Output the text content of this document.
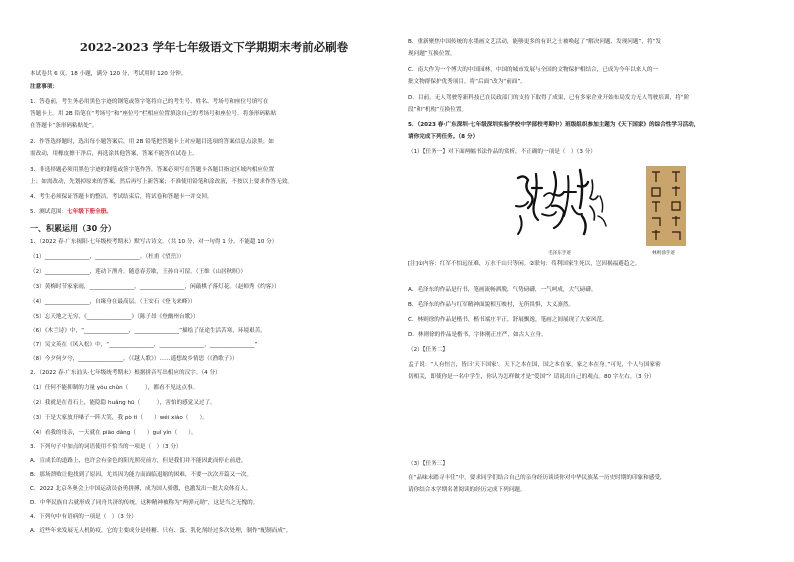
2022-2023 学年七年级语文下学期期末考前必刷卷
本试卷共 6 页，18 小题，满分 120 分，考试用时 120 分钟。
注意事项：
1．答卷前，考生务必用黑色字迹的钢笔或签字笔将自己的考生号、姓名、考场号和座位号填写在
答题卡上。用 2B 铅笔在“考场号”和“座位号”栏相应位置填涂自己的考场号和座位号。将条形码粘贴
在答题卡“条形码粘贴处”。
2．作答选择题时，选出每小题答案后，用 2B 铅笔把答题卡上对应题目选项的答案信息点涂黑；如
需改动，用橡皮擦干净后，再选涂其他答案，答案不能答在试卷上。
3．非选择题必须用黑色字迹的钢笔或签字笔作答，答案必须写在答题卡各题目指定区域内相应位置
上；如需改动，先划掉原来的答案，然后再写上新答案；不准使用铅笔和涂改液，不按以上要求作答无效。
4．考生必须保证答题卡的整洁。考试结束后，将试卷和答题卡一并交回。
5．测试范围：七年级下册全册。
一、积累运用（30 分）
1．（2022 春·广东揭阳·七年级校考期末）默写古诗文。（共 10 分，对一句得 1 分，不能超 10 分）
（1）________________，________________。（杜甫《望岳》）
（2）________________，莲动下渔舟。随意春芳歇，王孙自可留。（王维《山居秋暝》）
（3）黄梅时节家家雨，________________。________________，闲敲棋子落灯花。（赵师秀《约客》）
（4）________________，自缘身在最高层。（王安石《登飞来峰》）
（5）忘天地之无穷，《________________》（陈子昂《登幽州台歌》）
（6）《木兰诗》中，“________________，________________”描绘了征途生活苦寒，环境艰苦。
（7）吴文英在《风入松》中，“________________，________________，________________”
（8）今夕何夕兮，________________。（《越人歌》）……遥想故乡情思（《渔歌子》）
2．（2022 春·广东汕头·七年级统考期末）根据拼音写出相应的汉字。（4 分）
（1）任何不能抑制的力量 yǒu chǔn（　　　），都看不见这点事。
（2）我就是在青石上，能隐隐 huǎng hū（　　　），害怕的感觉又过了。
（3）于是大家放开嗓子一阵大笑，我 pò tì（　　）wéi xiào（　　）。
（4）看我的母亲，一天就在 piāo dàng（　　）guǐ yín（　　）。
3．下列句子中加点的词语使用不恰当的一项是（　）（3 分）
A．宣成长的道路上，也许会有金色的阳光照亮前方，但是我们并不能因此而停止前进。
B．那场溃败让他找到了原因，尤其因为能力而面临退缩的困难，不要一次次开篇又一次。
C．2022 北京冬奥会上中国运动员奋勇拼搏，成为国人骄傲，也激发出一批大众体育人。
D．中华民族自古就形成了同舟共济的传统，这种精神被称为“两弹元勋”，这是当之无愧的。
4．下列句中有语病的一项是（　）（3 分）
A．近些年来发展无人机防疫，它的主要成分是桂糖、只有、蛋、乳化剂经过多次处理，制作“配制而成”。
B．重新聚焦中国传统的水墨画文艺活动，能够更多的有识之士被唤起了“解决问题、发现问题”，将“发
现问题”互换位置。
C．南大作为一个博大的中国园林，中国的城市发展与全国的文物保护相结合，已成为今年以来人的一
批文物群保护优秀项目，将“后面”改为“前面”。
D．目前，无人驾驶等新科技已在民政部门的支持下取得了成果，已有多家企业开始布局发力无人驾驶培训，将“阶
段”和“机构”互换位置。
5．（2023 春·广东深圳·七年级深圳实验学校中学部校考期中）班级组织参加主题为《天下国家》的综合性学习活动，
请你完成下列任务。（8 分）
（1）【任务一】对下面两幅书法作品的赏析，不正确的一项是（　）（3 分）
毛泽东手迹	林则徐手迹
[注]①内容：红军不怕远征难，万水千山只等闲。②联句：苟利国家生死以，岂因祸福避趋之。
A．毛泽东的作品是行书，笔画流畅洒脱，气势磅礴，一气呵成，大气磅礴。
B．毛泽东的作品与红军精神面貌相互映衬，无所畏惧，大义凛然。
C．林则徐的作品是楷书，楷书端庄平正，舒展飘逸，笔画之间展现了大家风范。
D．林则徐的作品是楷书，字体刚正庄严，如古人立身。
（2）【任务二】
孟子说：“人有恒言，皆曰‘天下国家’。天下之本在国，国之本在家，家之本在身。”可见，个人与国家密
切相关，即使你是一名中学生，你认为怎样做才是“爱国”？请说出自己的观点。80 字左右。（3 分）
（3）【任务三】
在“品味未踏寻丰往”中，要求同学们结合自己的亲身经历谈谈你对中华民族某一历史时期的印象和感受，
请你结合本学期名著阅读的经历完成下列问题。
